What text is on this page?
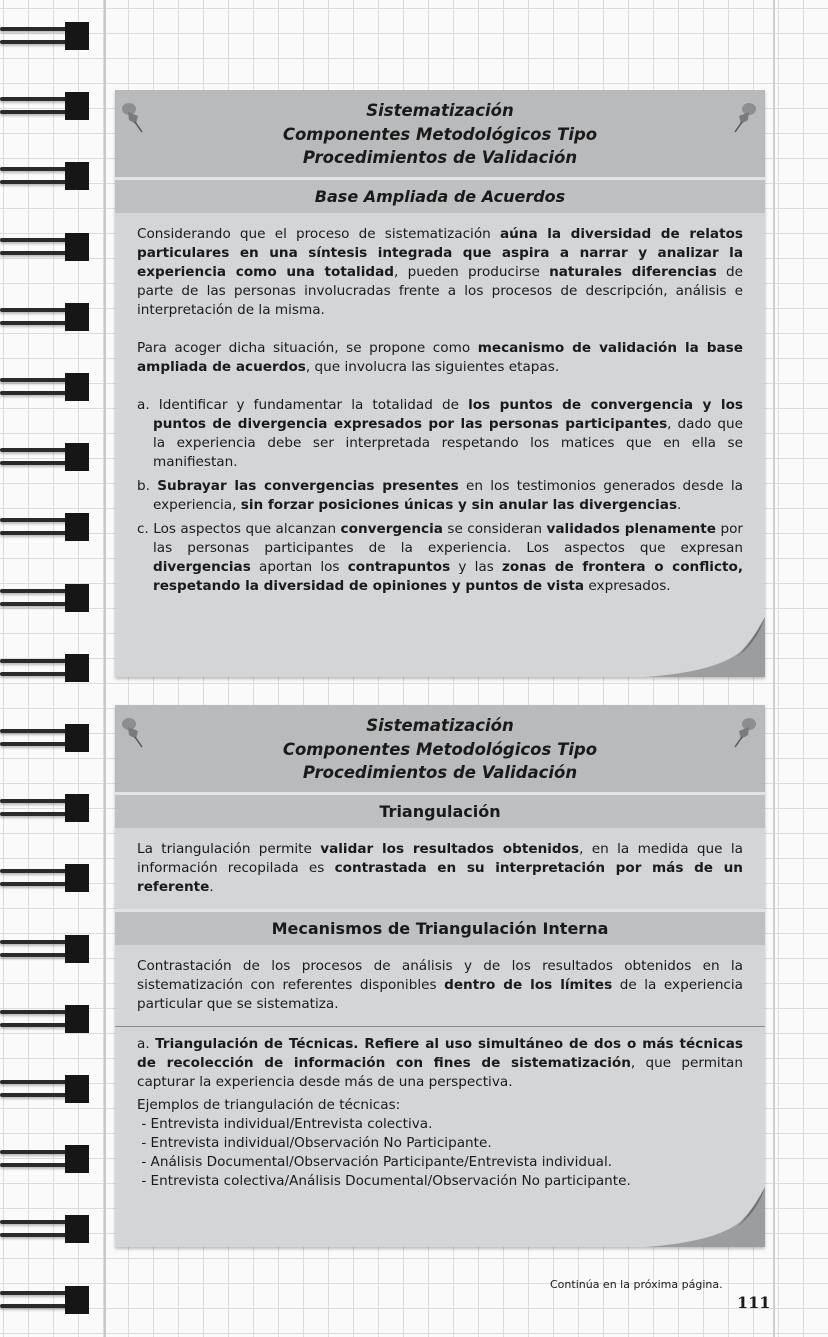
Sistematización
Componentes Metodológicos Tipo
Procedimientos de Validación
Base Ampliada de Acuerdos

Considerando que el proceso de sistematización aúna la diversidad de relatos particulares en una síntesis integrada que aspira a narrar y analizar la experiencia como una totalidad, pueden producirse naturales diferencias de parte de las personas involucradas frente a los procesos de descripción, análisis e interpretación de la misma.

Para acoger dicha situación, se propone como mecanismo de validación la base ampliada de acuerdos, que involucra las siguientes etapas.

a. Identificar y fundamentar la totalidad de los puntos de convergencia y los puntos de divergencia expresados por las personas participantes, dado que la experiencia debe ser interpretada respetando los matices que en ella se manifiestan.
b. Subrayar las convergencias presentes en los testimonios generados desde la experiencia, sin forzar posiciones únicas y sin anular las divergencias.
c. Los aspectos que alcanzan convergencia se consideran validados plenamente por las personas participantes de la experiencia. Los aspectos que expresan divergencias aportan los contrapuntos y las zonas de frontera o conflicto, respetando la diversidad de opiniones y puntos de vista expresados.
Sistematización
Componentes Metodológicos Tipo
Procedimientos de Validación
Triangulación

La triangulación permite validar los resultados obtenidos, en la medida que la información recopilada es contrastada en su interpretación por más de un referente.

Mecanismos de Triangulación Interna

Contrastación de los procesos de análisis y de los resultados obtenidos en la sistematización con referentes disponibles dentro de los límites de la experiencia particular que se sistematiza.

a. Triangulación de Técnicas. Refiere al uso simultáneo de dos o más técnicas de recolección de información con fines de sistematización, que permitan capturar la experiencia desde más de una perspectiva.

Ejemplos de triangulación de técnicas:
- Entrevista individual/Entrevista colectiva.
- Entrevista individual/Observación No Participante.
- Análisis Documental/Observación Participante/Entrevista individual.
- Entrevista colectiva/Análisis Documental/Observación No participante.
Continúa en la próxima página.
111
